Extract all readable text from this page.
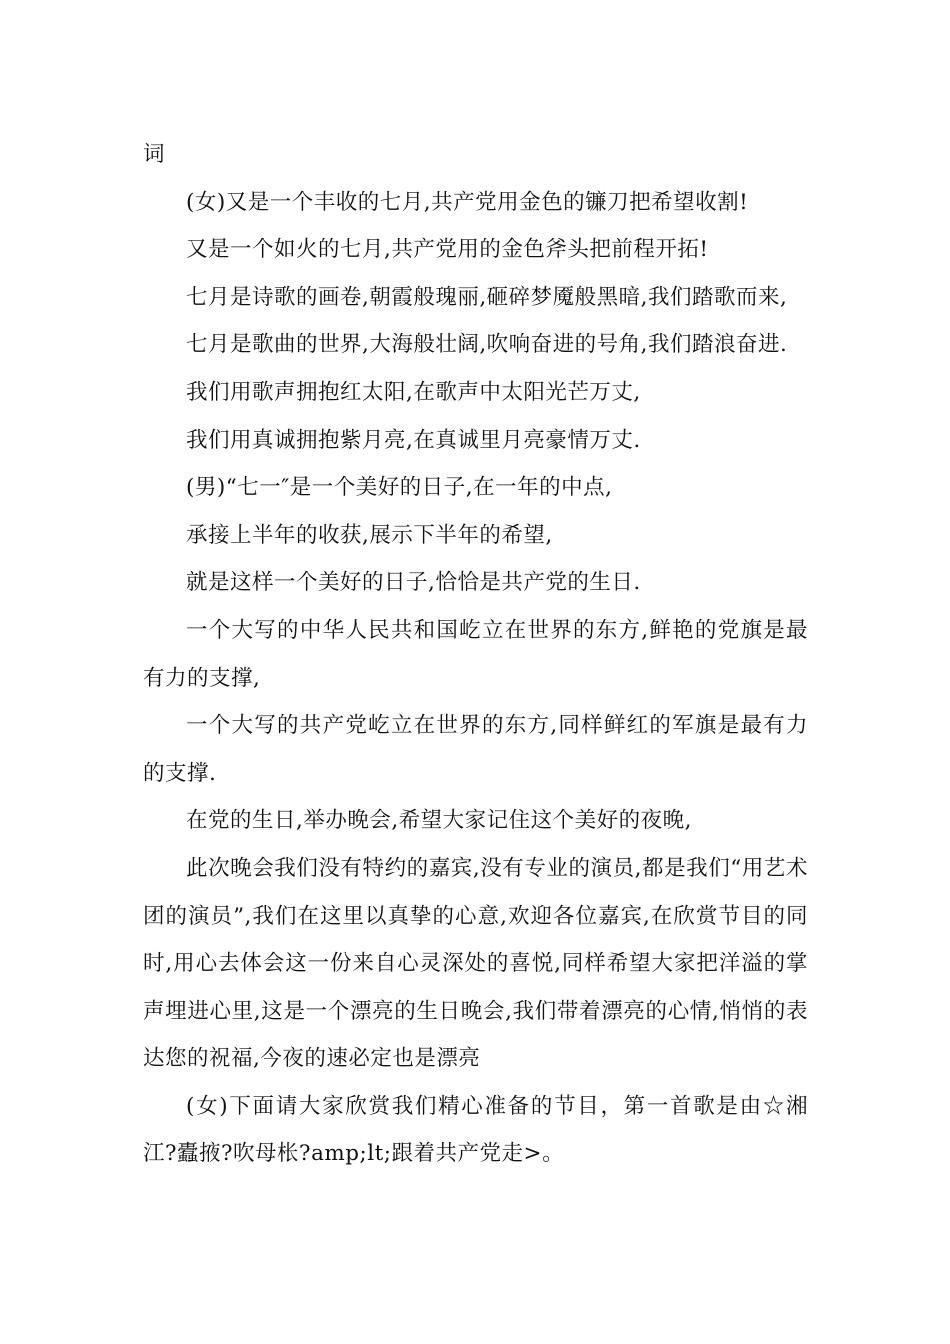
词

(女)又是一个丰收的七月,共产党用金色的镰刀把希望收割!

又是一个如火的七月,共产党用的金色斧头把前程开拓!

七月是诗歌的画卷,朝霞般瑰丽,砸碎梦魇般黑暗,我们踏歌而来,

七月是歌曲的世界,大海般壮阔,吹响奋进的号角,我们踏浪奋进.

我们用歌声拥抱红太阳,在歌声中太阳光芒万丈,

我们用真诚拥抱紫月亮,在真诚里月亮豪情万丈.

(男)“七一″是一个美好的日子,在一年的中点,

承接上半年的收获,展示下半年的希望,

就是这样一个美好的日子,恰恰是共产党的生日.

一个大写的中华人民共和国屹立在世界的东方,鲜艳的党旗是最有力的支撑,

一个大写的共产党屹立在世界的东方,同样鲜红的军旗是最有力的支撑.

在党的生日,举办晚会,希望大家记住这个美好的夜晚,

此次晚会我们没有特约的嘉宾,没有专业的演员,都是我们“用艺术团的演员”,我们在这里以真挚的心意,欢迎各位嘉宾,在欣赏节目的同时,用心去体会这一份来自心灵深处的喜悦,同样希望大家把洋溢的掌声埋进心里,这是一个漂亮的生日晚会,我们带着漂亮的心情,悄悄的表达您的祝福,今夜的速必定也是漂亮

(女)下面请大家欣赏我们精心准备的节目，第一首歌是由☆湘江?蠹掖?吹母枨?amp;lt;跟着共产党走>。
